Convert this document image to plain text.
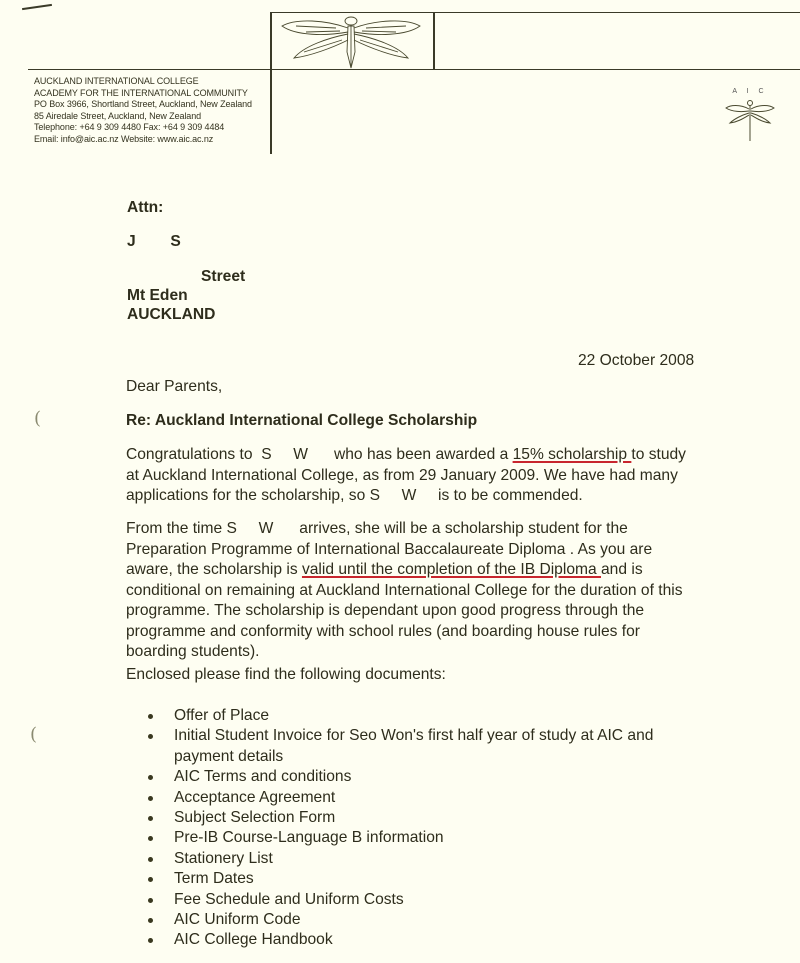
AUCKLAND INTERNATIONAL COLLEGE
ACADEMY FOR THE INTERNATIONAL COMMUNITY
PO Box 3966, Shortland Street, Auckland, New Zealand
85 Airedale Street, Auckland, New Zealand
Telephone: +64 9 309 4480 Fax: +64 9 309 4484
Email: info@aic.ac.nz Website: www.aic.ac.nz
A I C
Attn:
J        S
Street
Mt Eden
AUCKLAND
22 October 2008
Dear Parents,
Re: Auckland International College Scholarship
Congratulations to  S     W      who has been awarded a 15% scholarship to study
at Auckland International College, as from 29 January 2009. We have had many
applications for the scholarship, so S     W     is to be commended.
From the time S     W      arrives, she will be a scholarship student for the
Preparation Programme of International Baccalaureate Diploma . As you are
aware, the scholarship is valid until the completion of the IB Diploma and is
conditional on remaining at Auckland International College for the duration of this
programme. The scholarship is dependant upon good progress through the
programme and conformity with school rules (and boarding house rules for
boarding students).
Enclosed please find the following documents:
Offer of Place
Initial Student Invoice for Seo Won's first half year of study at AIC and payment details
AIC Terms and conditions
Acceptance Agreement
Subject Selection Form
Pre-IB Course-Language B information
Stationery List
Term Dates
Fee Schedule and Uniform Costs
AIC Uniform Code
AIC College Handbook
(
(
